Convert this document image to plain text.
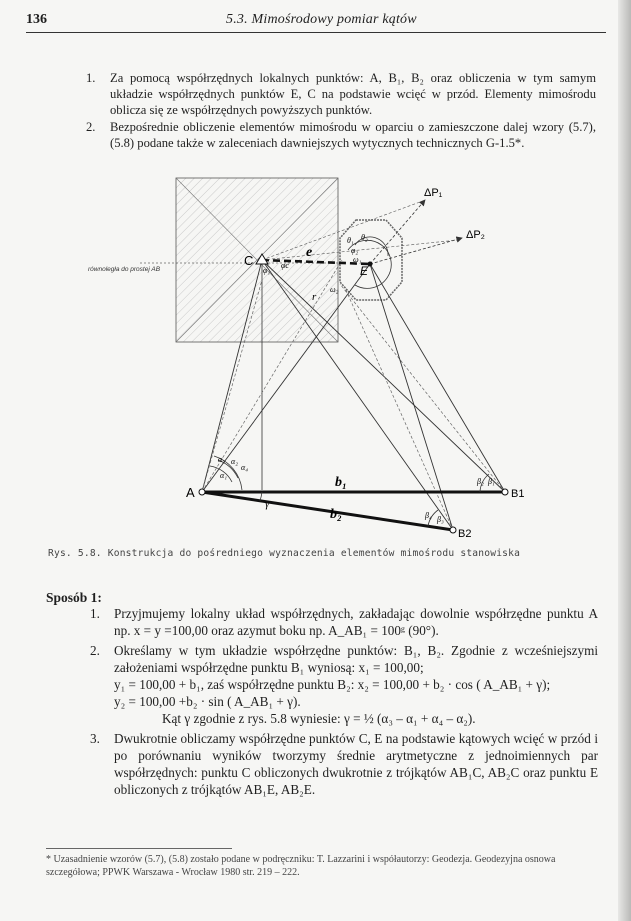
136	5.3. Mimośrodowy pomiar kątów
1. Za pomocą współrzędnych lokalnych punktów: A, B₁, B₂ oraz obliczenia w tym samym układzie współrzędnych punktów E, C na podstawie wcięć w przód. Elementy mimośrodu oblicza się ze współrzędnych powyższych punktów.
2. Bezpośrednie obliczenie elementów mimośrodu w oparciu o zamieszczone dalej wzory (5.7), (5.8) podane także w zaleceniach dawniejszych wytycznych technicznych G-1.5*.
równoległa do prostej AB
A	B1
B2
C
E
ΔP₁
ΔP₂
b₁
b₂
γ
e
r
α₁
α₂
α₃
α₄
β₁
β₂
β₃
β₄
θ₁ θ₂
φ₁
φ₂
ω₁
ω₂
φc
Rys. 5.8. Konstrukcja do pośredniego wyznaczenia elementów mimośrodu stanowiska
Sposób 1:
1. Przyjmujemy lokalny układ współrzędnych, zakładając dowolnie współrzędne punktu A np. x = y =100,00 oraz azymut boku np. A_AB₁ = 100ᵍ (90°).
2. Określamy w tym układzie współrzędne punktów: B₁, B₂. Zgodnie z wcześniejszymi założeniami współrzędne punktu B₁ wyniosą: x₁ = 100,00;
y₁ = 100,00 + b₁, zaś współrzędne punktu B₂: x₂ = 100,00 + b₂ · cos ( A_AB₁ + γ);
y₂ = 100,00 +b₂ · sin ( A_AB₁ + γ).
Kąt γ zgodnie z rys. 5.8 wyniesie: γ = ½ (α₃ – α₁ + α₄ – α₂).
3. Dwukrotnie obliczamy współrzędne punktów C, E na podstawie kątowych wcięć w przód i po porównaniu wyników tworzymy średnie arytmetyczne z jednoimiennych par współrzędnych: punktu C obliczonych dwukrotnie z trójkątów AB₁C, AB₂C oraz punktu E obliczonych z trójkątów AB₁E, AB₂E.
* Uzasadnienie wzorów (5.7), (5.8) zostało podane w podręczniku: T. Lazzarini i współautorzy: Geodezja. Geodezyjna osnowa szczegółowa; PPWK Warszawa - Wrocław 1980 str. 219 – 222.
